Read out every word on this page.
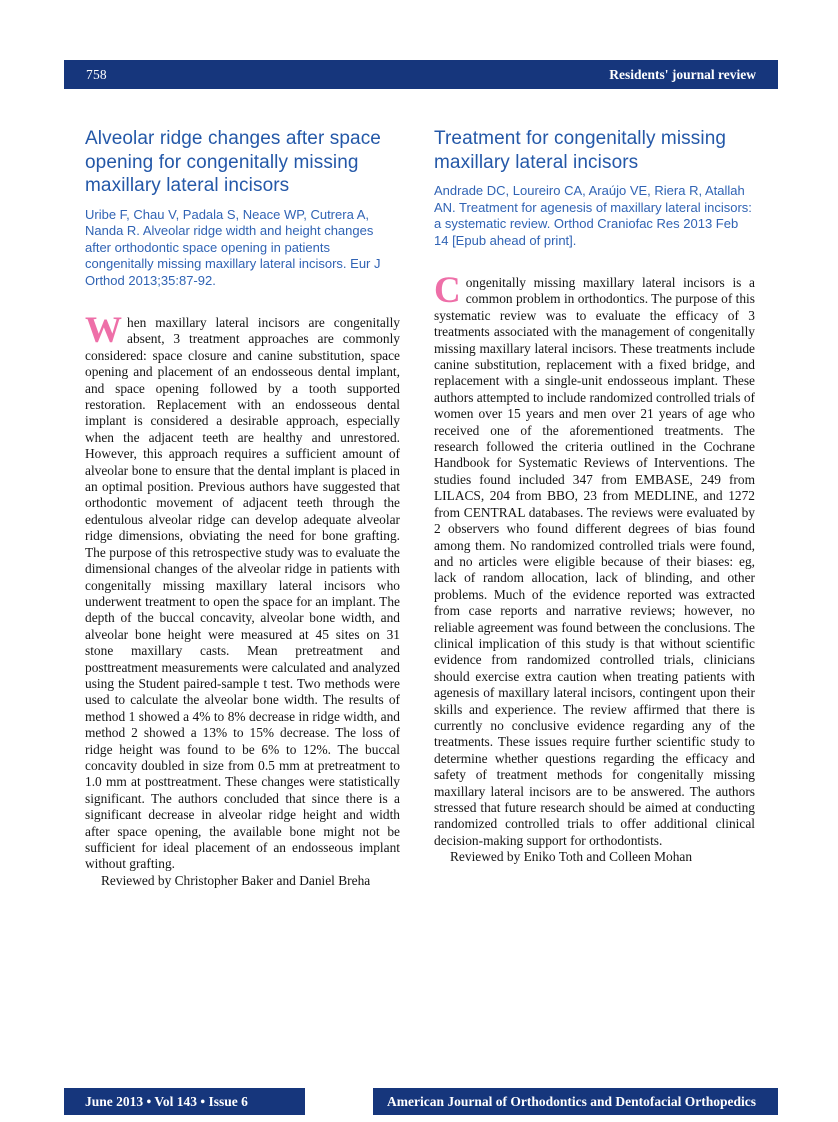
758	Residents' journal review
Alveolar ridge changes after space opening for congenitally missing maxillary lateral incisors

Uribe F, Chau V, Padala S, Neace WP, Cutrera A, Nanda R. Alveolar ridge width and height changes after orthodontic space opening in patients congenitally missing maxillary lateral incisors. Eur J Orthod 2013;35:87-92.

When maxillary lateral incisors are congenitally absent, 3 treatment approaches are commonly considered: space closure and canine substitution, space opening and placement of an endosseous dental implant, and space opening followed by a tooth supported restoration. Replacement with an endosseous dental implant is considered a desirable approach, especially when the adjacent teeth are healthy and unrestored. However, this approach requires a sufficient amount of alveolar bone to ensure that the dental implant is placed in an optimal position. Previous authors have suggested that orthodontic movement of adjacent teeth through the edentulous alveolar ridge can develop adequate alveolar ridge dimensions, obviating the need for bone grafting. The purpose of this retrospective study was to evaluate the dimensional changes of the alveolar ridge in patients with congenitally missing maxillary lateral incisors who underwent treatment to open the space for an implant. The depth of the buccal concavity, alveolar bone width, and alveolar bone height were measured at 45 sites on 31 stone maxillary casts. Mean pretreatment and posttreatment measurements were calculated and analyzed using the Student paired-sample t test. Two methods were used to calculate the alveolar bone width. The results of method 1 showed a 4% to 8% decrease in ridge width, and method 2 showed a 13% to 15% decrease. The loss of ridge height was found to be 6% to 12%. The buccal concavity doubled in size from 0.5 mm at pretreatment to 1.0 mm at posttreatment. These changes were statistically significant. The authors concluded that since there is a significant decrease in alveolar ridge height and width after space opening, the available bone might not be sufficient for ideal placement of an endosseous implant without grafting.

Reviewed by Christopher Baker and Daniel Breha

Treatment for congenitally missing maxillary lateral incisors

Andrade DC, Loureiro CA, Araújo VE, Riera R, Atallah AN. Treatment for agenesis of maxillary lateral incisors: a systematic review. Orthod Craniofac Res 2013 Feb 14 [Epub ahead of print].

Congenitally missing maxillary lateral incisors is a common problem in orthodontics. The purpose of this systematic review was to evaluate the efficacy of 3 treatments associated with the management of congenitally missing maxillary lateral incisors. These treatments include canine substitution, replacement with a fixed bridge, and replacement with a single-unit endosseous implant. These authors attempted to include randomized controlled trials of women over 15 years and men over 21 years of age who received one of the aforementioned treatments. The research followed the criteria outlined in the Cochrane Handbook for Systematic Reviews of Interventions. The studies found included 347 from EMBASE, 249 from LILACS, 204 from BBO, 23 from MEDLINE, and 1272 from CENTRAL databases. The reviews were evaluated by 2 observers who found different degrees of bias found among them. No randomized controlled trials were found, and no articles were eligible because of their biases: eg, lack of random allocation, lack of blinding, and other problems. Much of the evidence reported was extracted from case reports and narrative reviews; however, no reliable agreement was found between the conclusions. The clinical implication of this study is that without scientific evidence from randomized controlled trials, clinicians should exercise extra caution when treating patients with agenesis of maxillary lateral incisors, contingent upon their skills and experience. The review affirmed that there is currently no conclusive evidence regarding any of the treatments. These issues require further scientific study to determine whether questions regarding the efficacy and safety of treatment methods for congenitally missing maxillary lateral incisors are to be answered. The authors stressed that future research should be aimed at conducting randomized controlled trials to offer additional clinical decision-making support for orthodontists.

Reviewed by Eniko Toth and Colleen Mohan

June 2013 • Vol 143 • Issue 6	American Journal of Orthodontics and Dentofacial Orthopedics
